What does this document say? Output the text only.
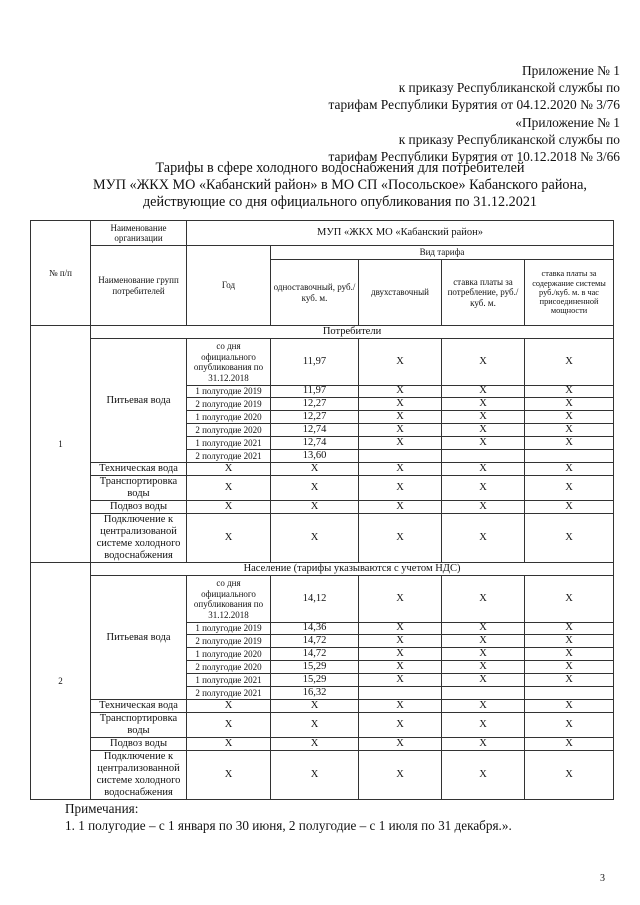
Приложение № 1
к приказу Республиканской службы по
тарифам Республики Бурятия от 04.12.2020 № 3/76
«Приложение № 1
к приказу Республиканской службы по
тарифам Республики Бурятия от 10.12.2018 № 3/66
Тарифы в сфере холодного водоснабжения для потребителей
МУП «ЖКХ МО «Кабанский район» в МО СП «Посольское» Кабанского района,
действующие со дня официального опубликования по 31.12.2021
№ п/п	Наименование организации	МУП «ЖКХ МО «Кабанский район»				
	Наименование групп потребителей	Год	Вид тарифа			
			одноставочный, руб./ куб. м.	двухставочный	ставка платы за потребление, руб./ куб. м.	ставка платы за содержание системы руб./куб. м. в час присоединенной мощности

1	Потребители					
	Питьевая вода	со дня официального опубликования по 31.12.2018	11,97	Х	Х	Х
		1 полугодие 2019	11,97	Х	Х	Х
		2 полугодие 2019	12,27	Х	Х	Х
		1 полугодие 2020	12,27	Х	Х	Х
		2 полугодие 2020	12,74	Х	Х	Х
		1 полугодие 2021	12,74	Х	Х	Х
		2 полугодие 2021	13,60			
	Техническая вода	Х	Х	Х	Х	Х
	Транспортировка воды	Х	Х	Х	Х	Х
	Подвоз воды	Х	Х	Х	Х	Х
	Подключение к централизованой системе холодного водоснабжения	Х	Х	Х	Х	Х
2	Население (тарифы указываются с учетом НДС)					
	Питьевая вода	со дня официального опубликования по 31.12.2018	14,12	Х	Х	Х
		1 полугодие 2019	14,36	Х	Х	Х
		2 полугодие 2019	14,72	Х	Х	Х
		1 полугодие 2020	14,72	Х	Х	Х
		2 полугодие 2020	15,29	Х	Х	Х
		1 полугодие 2021	15,29	Х	Х	Х
		2 полугодие 2021	16,32			
	Техническая вода	Х	Х	Х	Х	Х
	Транспортировка воды	Х	Х	Х	Х	Х
	Подвоз воды	Х	Х	Х	Х	Х
	Подключение к централизованной системе холодного водоснабжения	Х	Х	Х	Х	Х
Примечания:
1. 1 полугодие – с 1 января по 30 июня, 2 полугодие – с 1 июля по 31 декабря.».
3
